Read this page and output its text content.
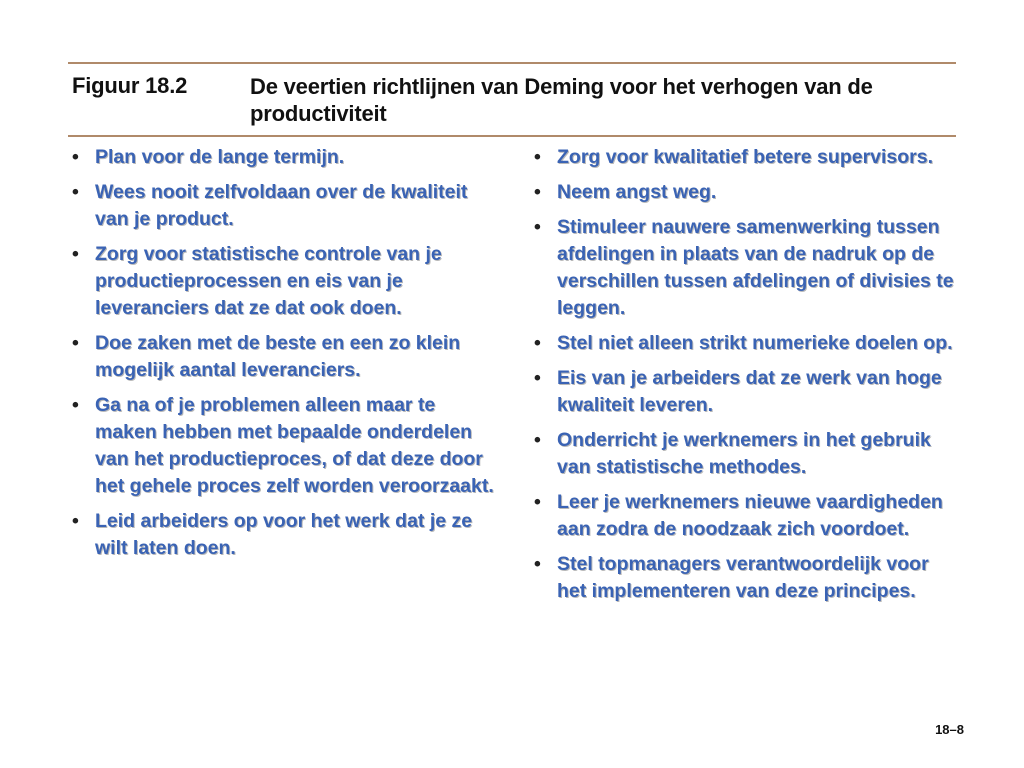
Figuur 18.2	De veertien richtlijnen van Deming voor het verhogen van de productiviteit
• Plan voor de lange termijn.
• Wees nooit zelfvoldaan over de kwaliteit van je product.
• Zorg voor statistische controle van je productieprocessen en eis van je leveranciers dat ze dat ook doen.
• Doe zaken met de beste en een zo klein mogelijk aantal leveranciers.
• Ga na of je problemen alleen maar te maken hebben met bepaalde onderdelen van het productieproces, of dat deze door het gehele proces zelf worden veroorzaakt.
• Leid arbeiders op voor het werk dat je ze wilt laten doen.
• Zorg voor kwalitatief betere supervisors.
• Neem angst weg.
• Stimuleer nauwere samenwerking tussen afdelingen in plaats van de nadruk op de verschillen tussen afdelingen of divisies te leggen.
• Stel niet alleen strikt numerieke doelen op.
• Eis van je arbeiders dat ze werk van hoge kwaliteit leveren.
• Onderricht je werknemers in het gebruik van statistische methodes.
• Leer je werknemers nieuwe vaardigheden aan zodra de noodzaak zich voordoet.
• Stel topmanagers verantwoordelijk voor het implementeren van deze principes.
18–8
